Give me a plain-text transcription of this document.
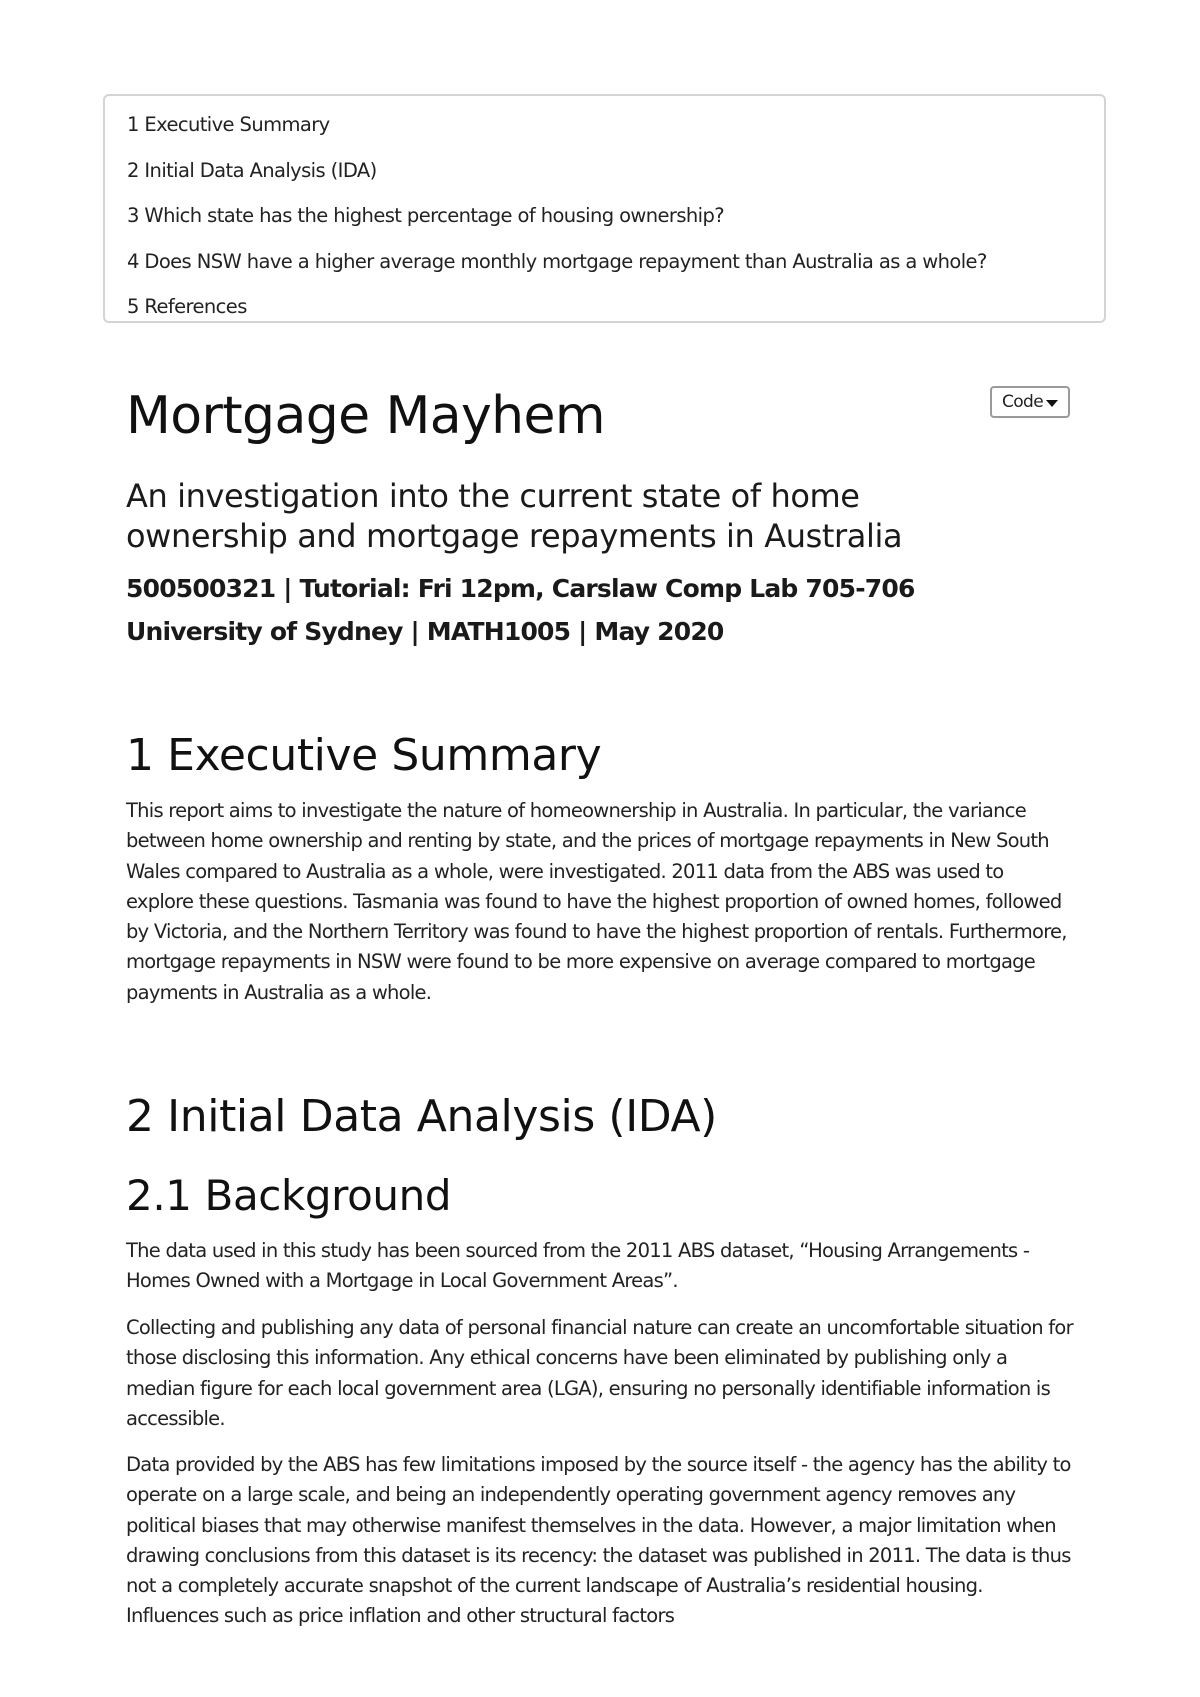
1 Executive Summary
2 Initial Data Analysis (IDA)
3 Which state has the highest percentage of housing ownership?
4 Does NSW have a higher average monthly mortgage repayment than Australia as a whole?
5 References
Code
Mortgage Mayhem
An investigation into the current state of home ownership and mortgage repayments in Australia

500500321 | Tutorial: Fri 12pm, Carslaw Comp Lab 705-706

University of Sydney | MATH1005 | May 2020

1 Executive Summary

This report aims to investigate the nature of homeownership in Australia. In particular, the variance between home ownership and renting by state, and the prices of mortgage repayments in New South Wales compared to Australia as a whole, were investigated. 2011 data from the ABS was used to explore these questions. Tasmania was found to have the highest proportion of owned homes, followed by Victoria, and the Northern Territory was found to have the highest proportion of rentals. Furthermore, mortgage repayments in NSW were found to be more expensive on average compared to mortgage payments in Australia as a whole.

2 Initial Data Analysis (IDA)
2.1 Background

The data used in this study has been sourced from the 2011 ABS dataset, “Housing Arrangements - Homes Owned with a Mortgage in Local Government Areas”.

Collecting and publishing any data of personal financial nature can create an uncomfortable situation for those disclosing this information. Any ethical concerns have been eliminated by publishing only a median figure for each local government area (LGA), ensuring no personally identifiable information is accessible.

Data provided by the ABS has few limitations imposed by the source itself - the agency has the ability to operate on a large scale, and being an independently operating government agency removes any political biases that may otherwise manifest themselves in the data. However, a major limitation when drawing conclusions from this dataset is its recency: the dataset was published in 2011. The data is thus not a completely accurate snapshot of the current landscape of Australia’s residential housing. Influences such as price inflation and other structural factors
